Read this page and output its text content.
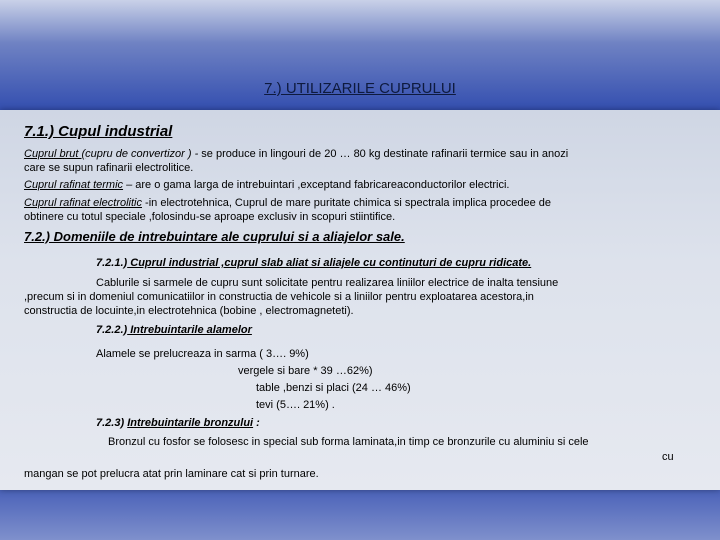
7.) UTILIZARILE CUPRULUI
7.1.) Cupul industrial
Cuprul brut (cupru de convertizor ) - se produce in lingouri de 20 … 80 kg destinate rafinarii termice sau in anozi
care se supun rafinarii electrolitice.
Cuprul rafinat termic – are o gama larga de intrebuintari ,exceptand fabricareaconductorilor electrici.
Cuprul rafinat electrolitic -in electrotehnica, Cuprul de mare puritate chimica si spectrala implica procedee de
obtinere cu totul speciale ,folosindu-se aproape exclusiv in scopuri stiintifice.
7.2.) Domeniile de intrebuintare ale cuprului si a aliajelor sale.
7.2.1.) Cuprul industrial ,cuprul slab aliat si aliajele cu continuturi de cupru ridicate.
Cablurile si sarmele de cupru sunt solicitate pentru realizarea liniilor electrice de inalta tensiune
,precum si in domeniul comunicatiilor in constructia de vehicole si a liniilor pentru exploatarea acestora,in
constructia de locuinte,in electrotehnica (bobine , electromagneteti).
7.2.2.) Intrebuintarile alamelor
Alamele se prelucreaza in sarma ( 3…. 9%)
vergele si bare * 39 …62%)
table ,benzi si placi (24 … 46%)
tevi (5…. 21%) .
7.2.3) Intrebuintarile bronzului :
Bronzul cu fosfor se folosesc in special sub forma laminata,in timp ce bronzurile cu aluminiu si cele
cu
mangan se pot prelucra atat prin laminare cat si prin turnare.
